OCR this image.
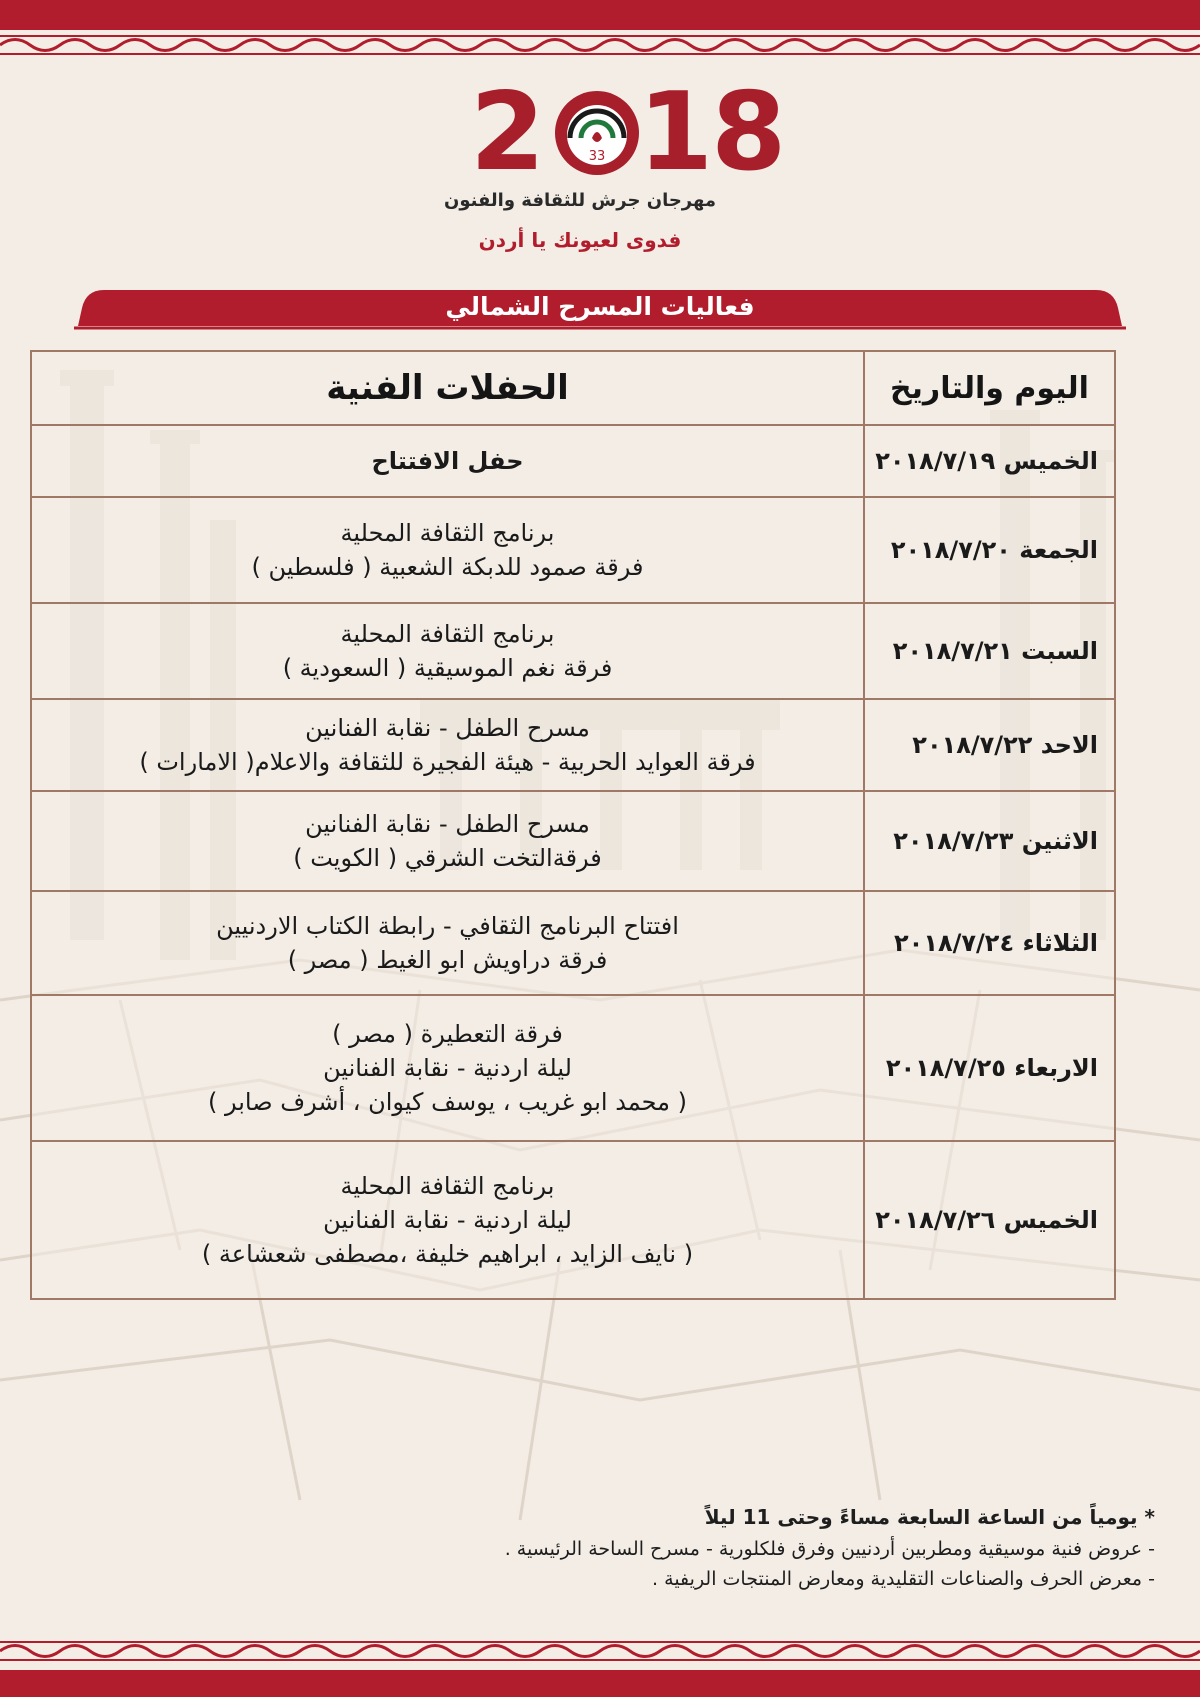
2	33 18
مهرجان جرش للثقافة والفنون
فدوى لعيونك يا أردن
فعاليات المسرح الشمالي
اليوم والتاريخ	الحفلات الفنية
الخميس ٢٠١٨/٧/١٩	حفل الافتتاح

الجمعة ٢٠١٨/٧/٢٠	برنامج الثقافة المحلية
فرقة صمود للدبكة الشعبية ( فلسطين )

السبت ٢٠١٨/٧/٢١	برنامج الثقافة المحلية
فرقة نغم الموسيقية ( السعودية )

الاحد ٢٠١٨/٧/٢٢	مسرح الطفل - نقابة الفنانين
فرقة العوايد الحربية - هيئة الفجيرة للثقافة والاعلام( الامارات )

الاثنين ٢٠١٨/٧/٢٣	مسرح الطفل - نقابة الفنانين
فرقةالتخت الشرقي ( الكويت )

الثلاثاء ٢٠١٨/٧/٢٤	افتتاح البرنامج الثقافي - رابطة الكتاب الاردنيين
فرقة دراويش ابو الغيط ( مصر )

الاربعاء ٢٠١٨/٧/٢٥	فرقة التعطيرة ( مصر )
ليلة اردنية - نقابة الفنانين
( محمد ابو غريب ، يوسف كيوان ، أشرف صابر )

الخميس ٢٠١٨/٧/٢٦	برنامج الثقافة المحلية
ليلة اردنية - نقابة الفنانين
( نايف الزايد ، ابراهيم خليفة ،مصطفى شعشاعة )
* يومياً من الساعة السابعة مساءً وحتى 11 ليلاً
- عروض فنية موسيقية ومطربين أردنيين وفرق فلكلورية - مسرح الساحة الرئيسية .
- معرض الحرف والصناعات التقليدية ومعارض المنتجات الريفية .
